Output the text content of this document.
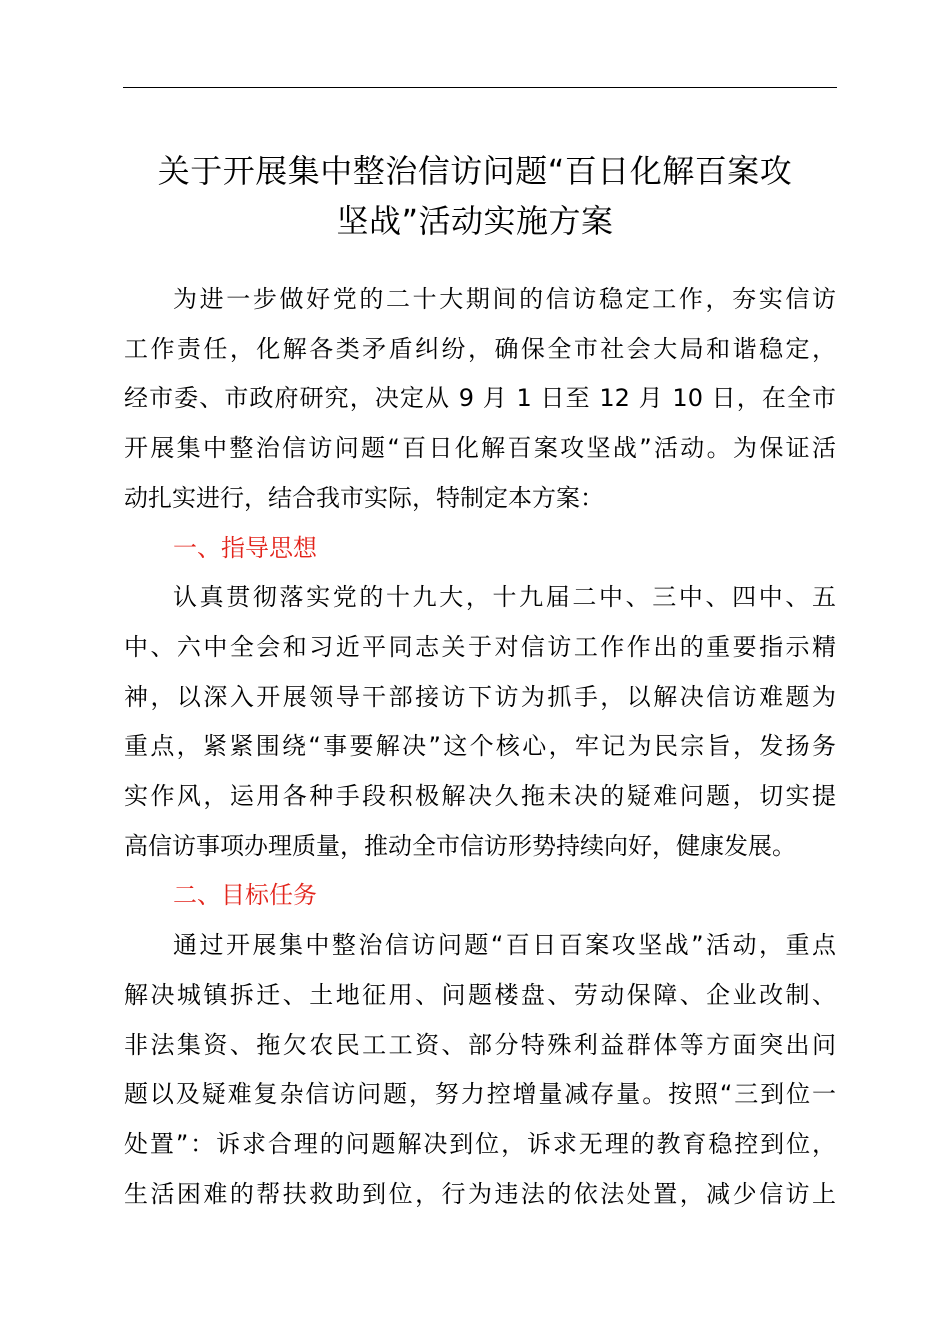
关于开展集中整治信访问题“百日化解百案攻
坚战”活动实施方案

为进一步做好党的二十大期间的信访稳定工作，夯实信访
工作责任，化解各类矛盾纠纷，确保全市社会大局和谐稳定，
经市委、市政府研究，决定从 9 月 1 日至 12 月 10 日，在全市
开展集中整治信访问题“百日化解百案攻坚战”活动。为保证活
动扎实进行，结合我市实际，特制定本方案：

一、指导思想

认真贯彻落实党的十九大，十九届二中、三中、四中、五
中、六中全会和习近平同志关于对信访工作作出的重要指示精
神，以深入开展领导干部接访下访为抓手，以解决信访难题为
重点，紧紧围绕“事要解决”这个核心，牢记为民宗旨，发扬务
实作风，运用各种手段积极解决久拖未决的疑难问题，切实提
高信访事项办理质量，推动全市信访形势持续向好，健康发展。

二、目标任务

通过开展集中整治信访问题“百日百案攻坚战”活动，重点
解决城镇拆迁、土地征用、问题楼盘、劳动保障、企业改制、
非法集资、拖欠农民工工资、部分特殊利益群体等方面突出问
题以及疑难复杂信访问题，努力控增量减存量。按照“三到位一
处置”：诉求合理的问题解决到位，诉求无理的教育稳控到位，
生活困难的帮扶救助到位，行为违法的依法处置，减少信访上
